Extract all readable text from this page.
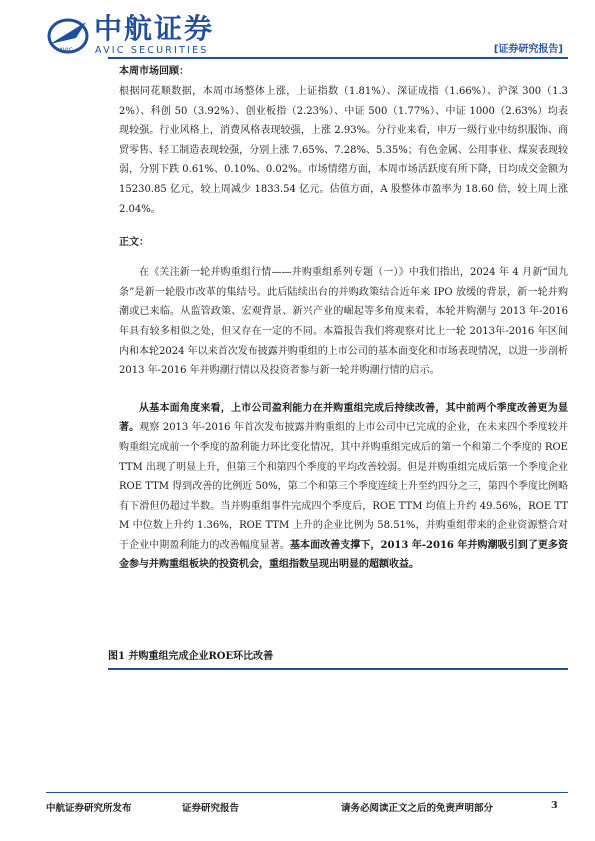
AVIC
中航证券
AVIC SECURITIES	[证券研究报告]

本周市场回顾：

根据同花顺数据，本周市场整体上涨，上证指数（1.81%）、深证成指（1.66%）、沪深 300（1.32%）、科创 50（3.92%）、创业板指（2.23%）、中证 500（1.77%）、中证 1000（2.63%）均表现较强。行业风格上，消费风格表现较强，上涨 2.93%。分行业来看，申万一级行业中纺织服饰、商贸零售、轻工制造表现较强，分别上涨 7.65%、7.28%、5.35%；有色金属、公用事业、煤炭表现较弱，分别下跌 0.61%、0.10%、0.02%。市场情绪方面，本周市场活跃度有所下降，日均成交金额为 15230.85 亿元，较上周减少 1833.54 亿元。估值方面，A 股整体市盈率为 18.60 倍，较上周上涨 2.04%。

正文：

在《关注新一轮并购重组行情——并购重组系列专题（一）》中我们指出，2024 年 4 月新“国九条”是新一轮股市改革的集结号。此后陆续出台的并购政策结合近年来 IPO 放缓的背景，新一轮并购潮或已来临。从监管政策、宏观背景、新兴产业的崛起等多角度来看，本轮并购潮与 2013 年-2016 年具有较多相似之处，但又存在一定的不同。本篇报告我们将观察对比上一轮 2013年-2016 年区间内和本轮2024 年以来首次发布披露并购重组的上市公司的基本面变化和市场表现情况，以进一步剖析 2013 年-2016 年并购潮行情以及投资者参与新一轮并购潮行情的启示。

从基本面角度来看，上市公司盈利能力在并购重组完成后持续改善，其中前两个季度改善更为显著。观察 2013 年-2016 年首次发布披露并购重组的上市公司中已完成的企业，在未来四个季度较并购重组完成前一个季度的盈利能力环比变化情况，其中并购重组完成后的第一个和第二个季度的 ROE TTM 出现了明显上升，但第三个和第四个季度的平均改善较弱。但是并购重组完成后第一个季度企业 ROE TTM 得到改善的比例近 50%，第二个和第三个季度连续上升至约四分之三，第四个季度比例略有下滑但仍超过半数。当并购重组事件完成四个季度后，ROE TTM 均值上升约 49.56%，ROE TTM 中位数上升约 1.36%，ROE TTM 上升的企业比例为 58.51%，并购重组带来的企业资源整合对于企业中期盈利能力的改善幅度显著。基本面改善支撑下，2013 年-2016 年并购潮吸引到了更多资金参与并购重组板块的投资机会，重组指数呈现出明显的超额收益。

图1 并购重组完成企业ROE环比改善
中航证券研究所发布	证券研究报告	请务必阅读正文之后的免责声明部分	3
